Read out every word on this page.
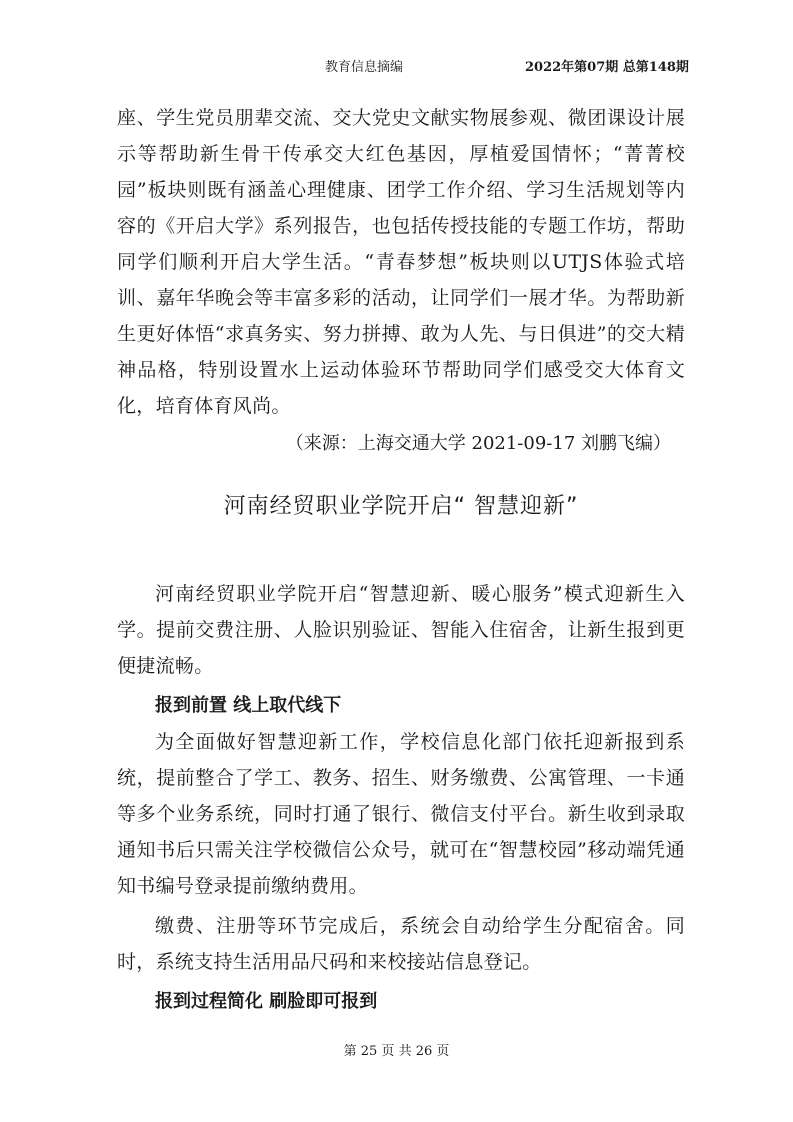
教育信息摘编	2022年第07期 总第148期

座、学生党员朋辈交流、交大党史文献实物展参观、微团课设计展示等帮助新生骨干传承交大红色基因，厚植爱国情怀；“菁菁校园”板块则既有涵盖心理健康、团学工作介绍、学习生活规划等内容的《开启大学》系列报告，也包括传授技能的专题工作坊，帮助同学们顺利开启大学生活。“青春梦想”板块则以UTJS体验式培训、嘉年华晚会等丰富多彩的活动，让同学们一展才华。为帮助新生更好体悟“求真务实、努力拼搏、敢为人先、与日俱进”的交大精神品格，特别设置水上运动体验环节帮助同学们感受交大体育文化，培育体育风尚。

（来源：上海交通大学 2021-09-17 刘鹏飞编）

河南经贸职业学院开启“ 智慧迎新”

河南经贸职业学院开启“智慧迎新、暖心服务”模式迎新生入学。提前交费注册、人脸识别验证、智能入住宿舍，让新生报到更便捷流畅。

报到前置 线上取代线下

为全面做好智慧迎新工作，学校信息化部门依托迎新报到系统，提前整合了学工、教务、招生、财务缴费、公寓管理、一卡通等多个业务系统，同时打通了银行、微信支付平台。新生收到录取通知书后只需关注学校微信公众号，就可在“智慧校园”移动端凭通知书编号登录提前缴纳费用。

缴费、注册等环节完成后，系统会自动给学生分配宿舍。同时，系统支持生活用品尺码和来校接站信息登记。

报到过程简化 刷脸即可报到
第 25 页 共 26 页
